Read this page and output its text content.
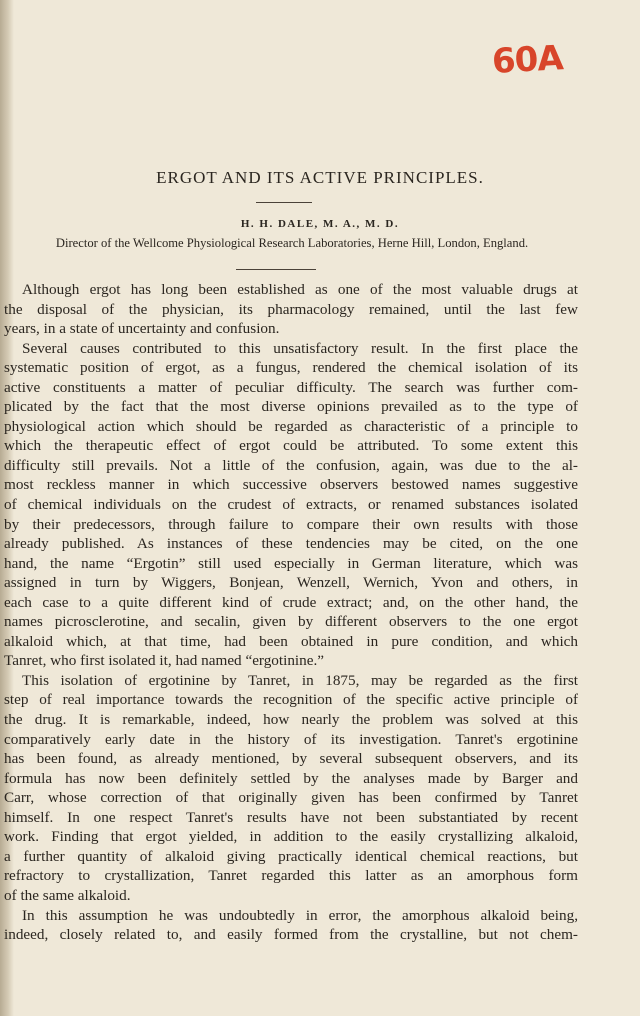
60A
ERGOT AND ITS ACTIVE PRINCIPLES.
H. H. DALE, M. A., M. D.
Director of the Wellcome Physiological Research Laboratories, Herne Hill, London, England.
Although ergot has long been established as one of the most valuable drugs at
the disposal of the physician, its pharmacology remained, until the last few
years, in a state of uncertainty and confusion.
Several causes contributed to this unsatisfactory result. In the first place the
systematic position of ergot, as a fungus, rendered the chemical isolation of its
active constituents a matter of peculiar difficulty. The search was further com-
plicated by the fact that the most diverse opinions prevailed as to the type of
physiological action which should be regarded as characteristic of a principle to
which the therapeutic effect of ergot could be attributed. To some extent this
difficulty still prevails. Not a little of the confusion, again, was due to the al-
most reckless manner in which successive observers bestowed names suggestive
of chemical individuals on the crudest of extracts, or renamed substances isolated
by their predecessors, through failure to compare their own results with those
already published. As instances of these tendencies may be cited, on the one
hand, the name “Ergotin” still used especially in German literature, which was
assigned in turn by Wiggers, Bonjean, Wenzell, Wernich, Yvon and others, in
each case to a quite different kind of crude extract; and, on the other hand, the
names picrosclerotine, and secalin, given by different observers to the one ergot
alkaloid which, at that time, had been obtained in pure condition, and which
Tanret, who first isolated it, had named “ergotinine.”
This isolation of ergotinine by Tanret, in 1875, may be regarded as the first
step of real importance towards the recognition of the specific active principle of
the drug. It is remarkable, indeed, how nearly the problem was solved at this
comparatively early date in the history of its investigation. Tanret's ergotinine
has been found, as already mentioned, by several subsequent observers, and its
formula has now been definitely settled by the analyses made by Barger and
Carr, whose correction of that originally given has been confirmed by Tanret
himself. In one respect Tanret's results have not been substantiated by recent
work. Finding that ergot yielded, in addition to the easily crystallizing alkaloid,
a further quantity of alkaloid giving practically identical chemical reactions, but
refractory to crystallization, Tanret regarded this latter as an amorphous form
of the same alkaloid.
In this assumption he was undoubtedly in error, the amorphous alkaloid being,
indeed, closely related to, and easily formed from the crystalline, but not chem-
